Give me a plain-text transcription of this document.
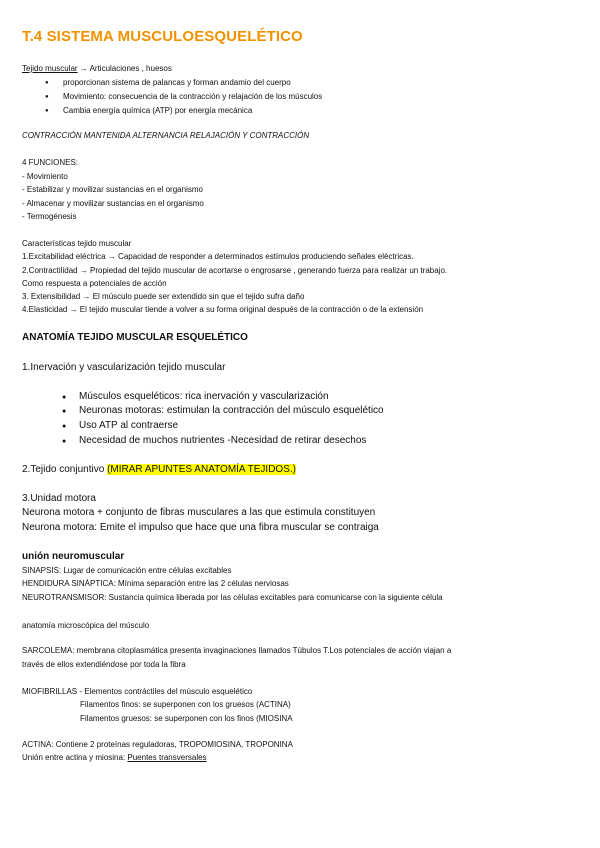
T.4 SISTEMA MUSCULOESQUELÉTICO
Tejido muscular → Articulaciones , huesos
● proporcionan sistema de palancas y forman andamio del cuerpo
● Movimiento: consecuencia de la contracción y relajación de los músculos
● Cambia energía química (ATP) por energía mecánica
CONTRACCIÓN MANTENIDA ALTERNANCIA RELAJACIÓN Y CONTRACCIÓN
4 FUNCIONES:
- Movimiento
- Estabilizar y movilizar sustancias en el organismo
- Almacenar y movilizar sustancias en el organismo
- Termogénesis
Características tejido muscular
1.Excitabilidad eléctrica → Capacidad de responder a determinados estímulos produciendo señales eléctricas.
2.Contractilidad → Propiedad del tejido muscular de acortarse o engrosarse , generando fuerza para realizar un trabajo.
Como respuesta a potenciales de acción
3. Extensibilidad → El músculo puede ser extendido sin que el tejido sufra daño
4.Elasticidad → El tejido muscular tiende a volver a su forma original después de la contracción o de la extensión
ANATOMÍA TEJIDO MUSCULAR ESQUELÉTICO
1.Inervación y vascularización tejido muscular
● Músculos esqueléticos: rica inervación y vascularización
● Neuronas motoras: estimulan la contracción del músculo esquelético
● Uso ATP al contraerse
● Necesidad de muchos nutrientes -Necesidad de retirar desechos
2.Tejido conjuntivo (MIRAR APUNTES ANATOMÍA TEJIDOS.)
3.Unidad motora
Neurona motora + conjunto de fibras musculares a las que estimula constituyen
Neurona motora: Emite el impulso que hace que una fibra muscular se contraiga
unión neuromuscular
SINAPSIS: Lugar de comunicación entre células excitables
HENDIDURA SINÁPTICA: Mínima separación entre las 2 células nerviosas
NEUROTRANSMISOR: Sustancia química liberada por las células excitables para comunicarse con la siguiente célula
anatomía microscópica del músculo
SARCOLEMA: membrana citoplasmática presenta invaginaciones llamados Túbulos T.Los potenciales de acción viajan a
través de ellos extendiéndose por toda la fibra
MIOFIBRILLAS - Elementos contráctiles del músculo esquelético
Filamentos finos: se superponen con los gruesos (ACTINA)
Filamentos gruesos: se superponen con los finos (MIOSINA
ACTINA: Contiene 2 proteínas reguladoras, TROPOMIOSINA, TROPONINA
Unión entre actina y miosina: Puentes transversales
